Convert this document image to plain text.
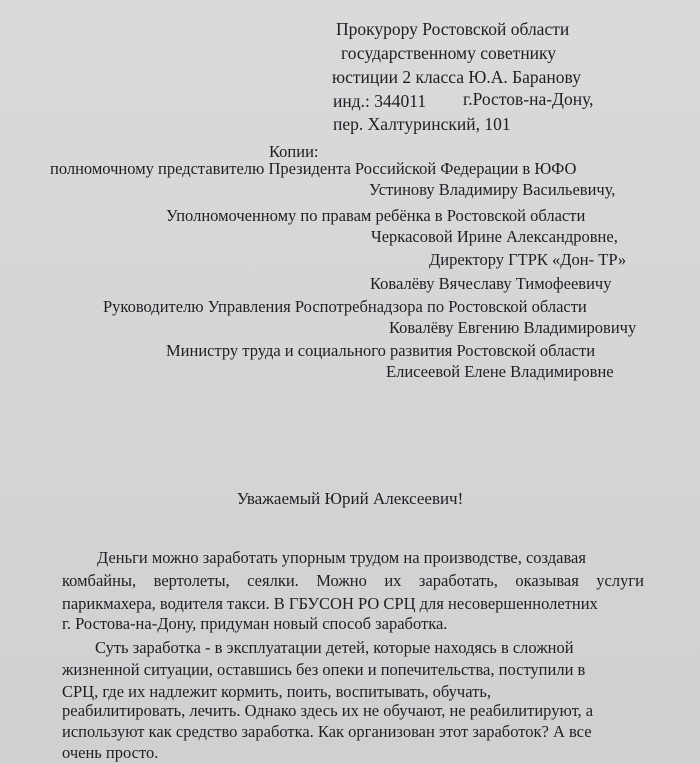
Прокурору Ростовской области
государственному советнику
юстиции 2 класса Ю.А. Баранову
инд.: 344011 г.Ростов-на-Дону,
пер. Халтуринский, 101
Копии:
полномочному представителю Президента Российской Федерации в ЮФО
Устинову Владимиру Васильевичу,
Уполномоченному по правам ребёнка в Ростовской области
Черкасовой Ирине Александровне,
Директору ГТРК «Дон- ТР»
Ковалёву Вячеславу Тимофеевичу
Руководителю Управления Роспотребнадзора по Ростовской области
Ковалёву Евгению Владимировичу
Министру труда и социального развития Ростовской области
Елисеевой Елене Владимировне
Уважаемый Юрий Алексеевич!
Деньги можно заработать упорным трудом на производстве, создавая
комбайны, вертолеты, сеялки. Можно их заработать, оказывая услуги
парикмахера, водителя такси. В ГБУСОН РО СРЦ для несовершеннолетних
г. Ростова-на-Дону, придуман новый способ заработка.
Суть заработка - в эксплуатации детей, которые находясь в сложной
жизненной ситуации, оставшись без опеки и попечительства, поступили в
СРЦ, где их надлежит кормить, поить, воспитывать, обучать,
реабилитировать, лечить. Однако здесь их не обучают, не реабилитируют, а
используют как средство заработка. Как организован этот заработок? А все
очень просто.
